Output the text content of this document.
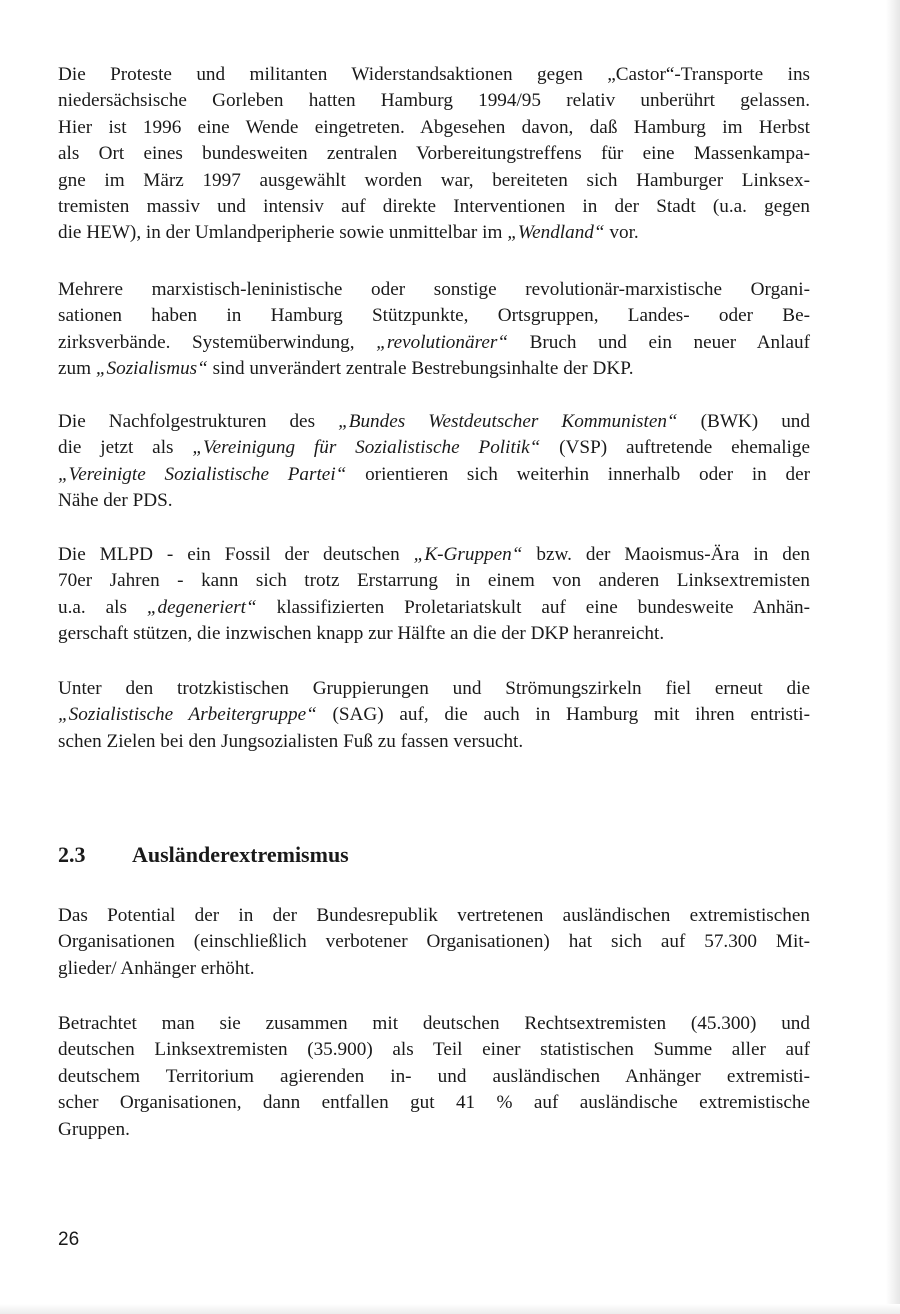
Die Proteste und militanten Widerstandsaktionen gegen „Castor“-Transporte ins
niedersächsische Gorleben hatten Hamburg 1994/95 relativ unberührt gelassen.
Hier ist 1996 eine Wende eingetreten. Abgesehen davon, daß Hamburg im Herbst
als Ort eines bundesweiten zentralen Vorbereitungstreffens für eine Massenkampa-
gne im März 1997 ausgewählt worden war, bereiteten sich Hamburger Linksex-
tremisten massiv und intensiv auf direkte Interventionen in der Stadt (u.a. gegen
die HEW), in der Umlandperipherie sowie unmittelbar im „Wendland“ vor.
Mehrere marxistisch-leninistische oder sonstige revolutionär-marxistische Organi-
sationen haben in Hamburg Stützpunkte, Ortsgruppen, Landes- oder Be-
zirksverbände. Systemüberwindung, „revolutionärer“ Bruch und ein neuer Anlauf
zum „Sozialismus“ sind unverändert zentrale Bestrebungsinhalte der DKP.
Die Nachfolgestrukturen des „Bundes Westdeutscher Kommunisten“ (BWK) und
die jetzt als „Vereinigung für Sozialistische Politik“ (VSP) auftretende ehemalige
„Vereinigte Sozialistische Partei“ orientieren sich weiterhin innerhalb oder in der
Nähe der PDS.
Die MLPD - ein Fossil der deutschen „K-Gruppen“ bzw. der Maoismus-Ära in den
70er Jahren - kann sich trotz Erstarrung in einem von anderen Linksextremisten
u.a. als „degeneriert“ klassifizierten Proletariatskult auf eine bundesweite Anhän-
gerschaft stützen, die inzwischen knapp zur Hälfte an die der DKP heranreicht.
Unter den trotzkistischen Gruppierungen und Strömungszirkeln fiel erneut die
„Sozialistische Arbeitergruppe“ (SAG) auf, die auch in Hamburg mit ihren entristi-
schen Zielen bei den Jungsozialisten Fuß zu fassen versucht.
2.3 Ausländerextremismus
Das Potential der in der Bundesrepublik vertretenen ausländischen extremistischen
Organisationen (einschließlich verbotener Organisationen) hat sich auf 57.300 Mit-
glieder/ Anhänger erhöht.
Betrachtet man sie zusammen mit deutschen Rechtsextremisten (45.300) und
deutschen Linksextremisten (35.900) als Teil einer statistischen Summe aller auf
deutschem Territorium agierenden in- und ausländischen Anhänger extremisti-
scher Organisationen, dann entfallen gut 41 % auf ausländische extremistische
Gruppen.
26
